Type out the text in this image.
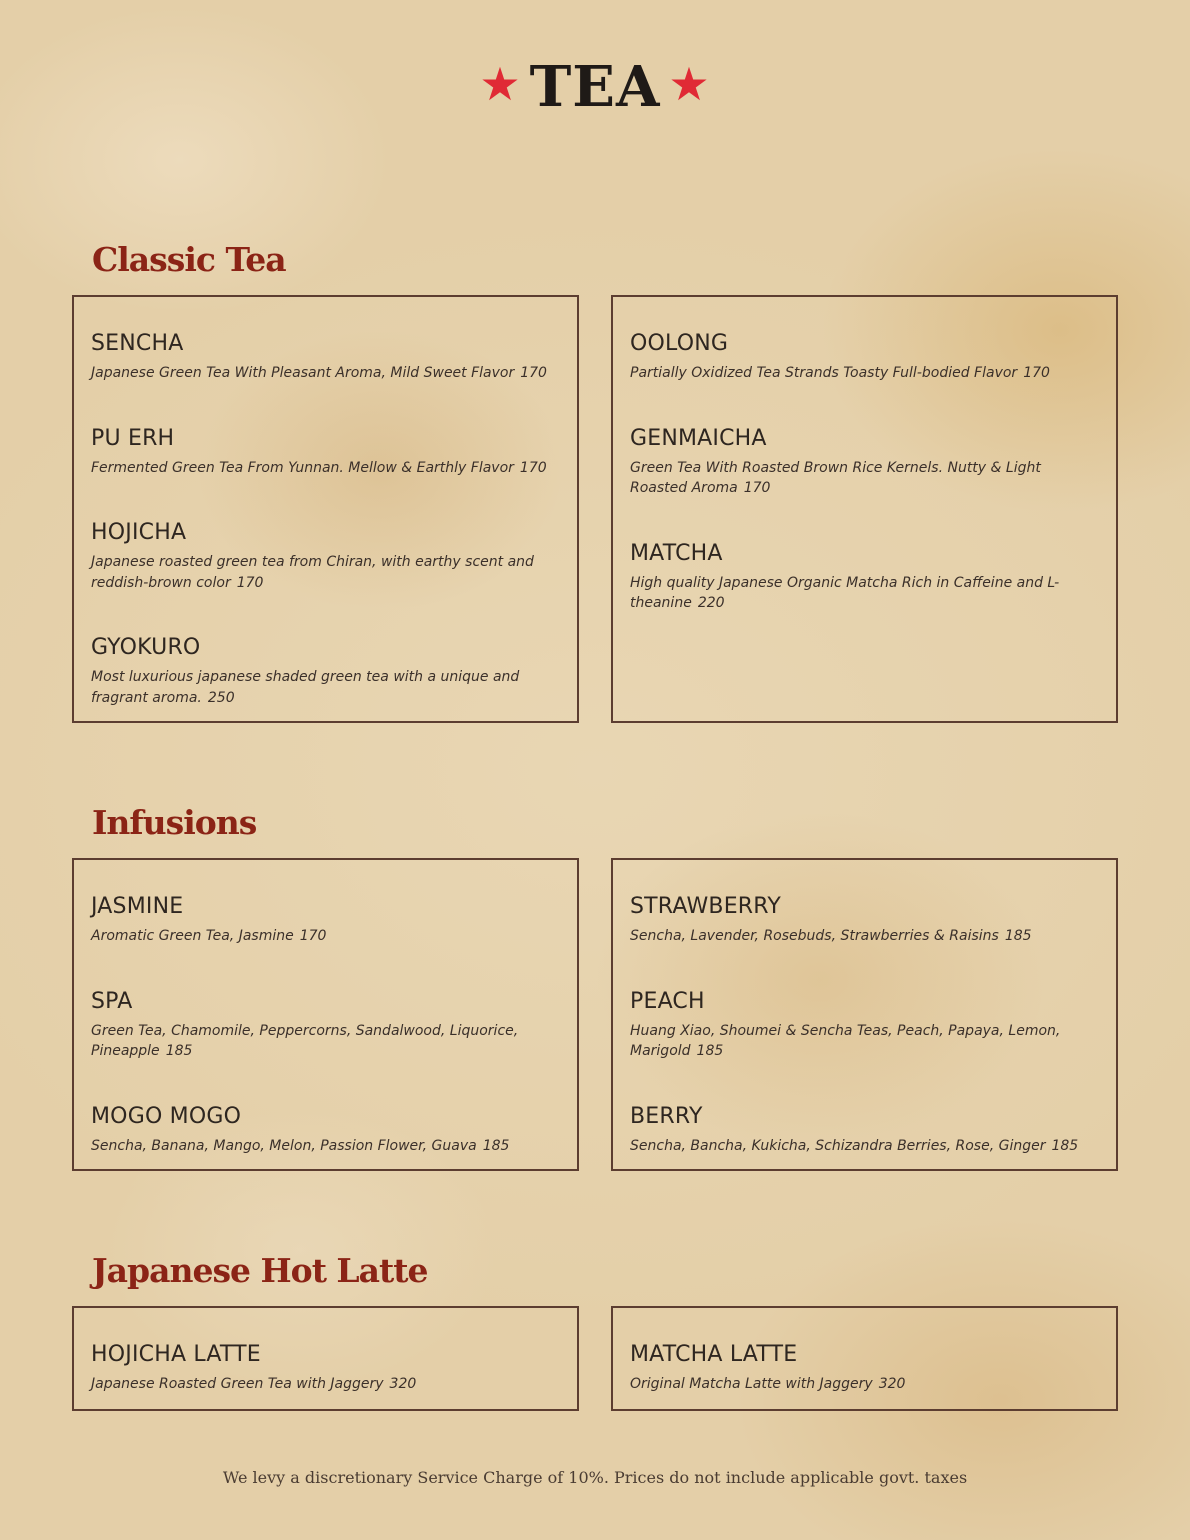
★ TEA ★
Classic Tea
SENCHA
Japanese Green Tea With Pleasant Aroma, Mild Sweet Flavor 170
PU ERH
Fermented Green Tea From Yunnan. Mellow & Earthly Flavor 170
HOJICHA
Japanese roasted green tea from Chiran, with earthy scent and reddish-brown color 170
GYOKURO
Most luxurious japanese shaded green tea with a unique and fragrant aroma. 250
OOLONG
Partially Oxidized Tea Strands Toasty Full-bodied Flavor 170
GENMAICHA
Green Tea With Roasted Brown Rice Kernels. Nutty & Light Roasted Aroma 170
MATCHA
High quality Japanese Organic Matcha Rich in Caffeine and L-theanine 220
Infusions
JASMINE
Aromatic Green Tea, Jasmine 170
SPA
Green Tea, Chamomile, Peppercorns, Sandalwood, Liquorice, Pineapple 185
MOGO MOGO
Sencha, Banana, Mango, Melon, Passion Flower, Guava 185
STRAWBERRY
Sencha, Lavender, Rosebuds, Strawberries & Raisins 185
PEACH
Huang Xiao, Shoumei & Sencha Teas, Peach, Papaya, Lemon, Marigold 185
BERRY
Sencha, Bancha, Kukicha, Schizandra Berries, Rose, Ginger 185
Japanese Hot Latte
HOJICHA LATTE
Japanese Roasted Green Tea with Jaggery 320
MATCHA LATTE
Original Matcha Latte with Jaggery 320
We levy a discretionary Service Charge of 10%. Prices do not include applicable govt. taxes
